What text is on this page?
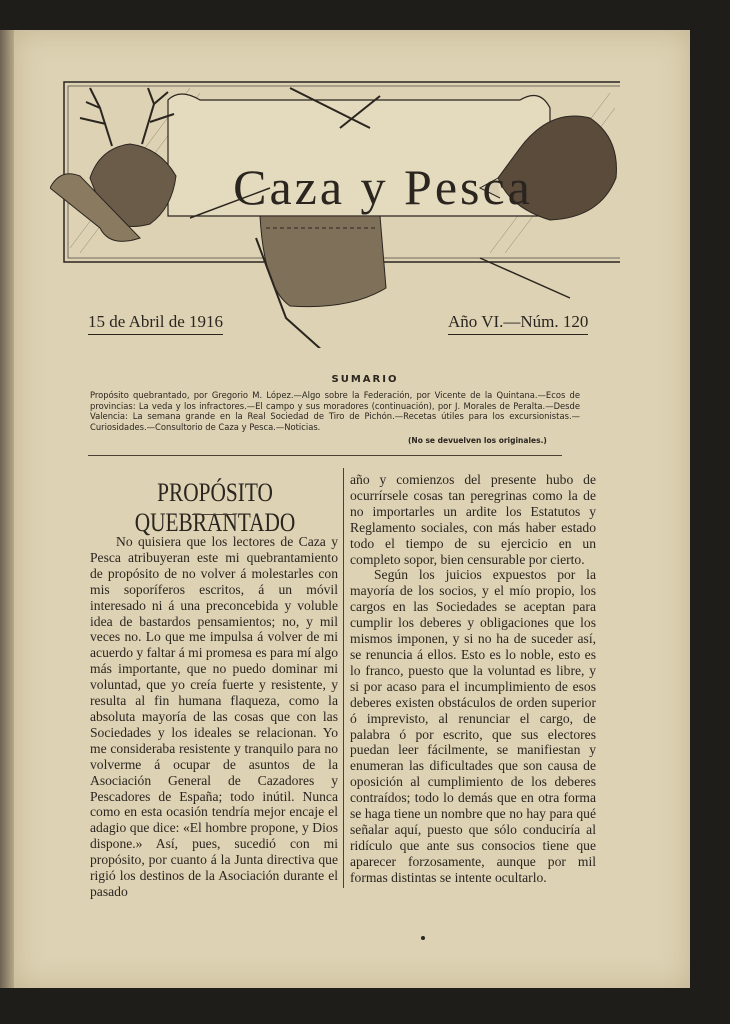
Caza y Pesca
15 de Abril de 1916	Año VI.—Núm. 120
SUMARIO
Propósito quebrantado, por Gregorio M. López.—Algo sobre la Federación, por Vicente de la Quintana.—Ecos de provincias: La veda y los infractores.—El campo y sus moradores (continuación), por J. Morales de Peralta.—Desde Valencia: La semana grande en la Real Sociedad de Tiro de Pichón.—Recetas útiles para los excursionistas.—Curiosidades.—Consultorio de Caza y Pesca.—Noticias.
(No se devuelven los originales.)
PROPÓSITO QUEBRANTADO
No quisiera que los lectores de Caza y Pesca atribuyeran este mi quebrantamiento de propósito de no volver á molestarles con mis soporíferos escritos, á un móvil interesado ni á una preconcebida y voluble idea de bastardos pensamientos; no, y mil veces no. Lo que me impulsa á volver de mi acuerdo y faltar á mi promesa es para mí algo más importante, que no puedo dominar mi voluntad, que yo creía fuerte y resistente, y resulta al fin humana flaqueza, como la absoluta mayoría de las cosas que con las Sociedades y los ideales se relacionan. Yo me consideraba resistente y tranquilo para no volverme á ocupar de asuntos de la Asociación General de Cazadores y Pescadores de España; todo inútil. Nunca como en esta ocasión tendría mejor encaje el adagio que dice: «El hombre propone, y Dios dispone.» Así, pues, sucedió con mi propósito, por cuanto á la Junta directiva que rigió los destinos de la Asociación durante el pasado

año y comienzos del presente hubo de ocurrírsele cosas tan peregrinas como la de no importarles un ardite los Estatutos y Reglamento sociales, con más haber estado todo el tiempo de su ejercicio en un completo sopor, bien censurable por cierto.

Según los juicios expuestos por la mayoría de los socios, y el mío propio, los cargos en las Sociedades se aceptan para cumplir los deberes y obligaciones que los mismos imponen, y si no ha de suceder así, se renuncia á ellos. Esto es lo noble, esto es lo franco, puesto que la voluntad es libre, y si por acaso para el incumplimiento de esos deberes existen obstáculos de orden superior ó imprevisto, al renunciar el cargo, de palabra ó por escrito, que sus electores puedan leer fácilmente, se manifiestan y enumeran las dificultades que son causa de oposición al cumplimiento de los deberes contraídos; todo lo demás que en otra forma se haga tiene un nombre que no hay para qué señalar aquí, puesto que sólo conduciría al ridículo que ante sus consocios tiene que aparecer forzosamente, aunque por mil formas distintas se intente ocultarlo.
